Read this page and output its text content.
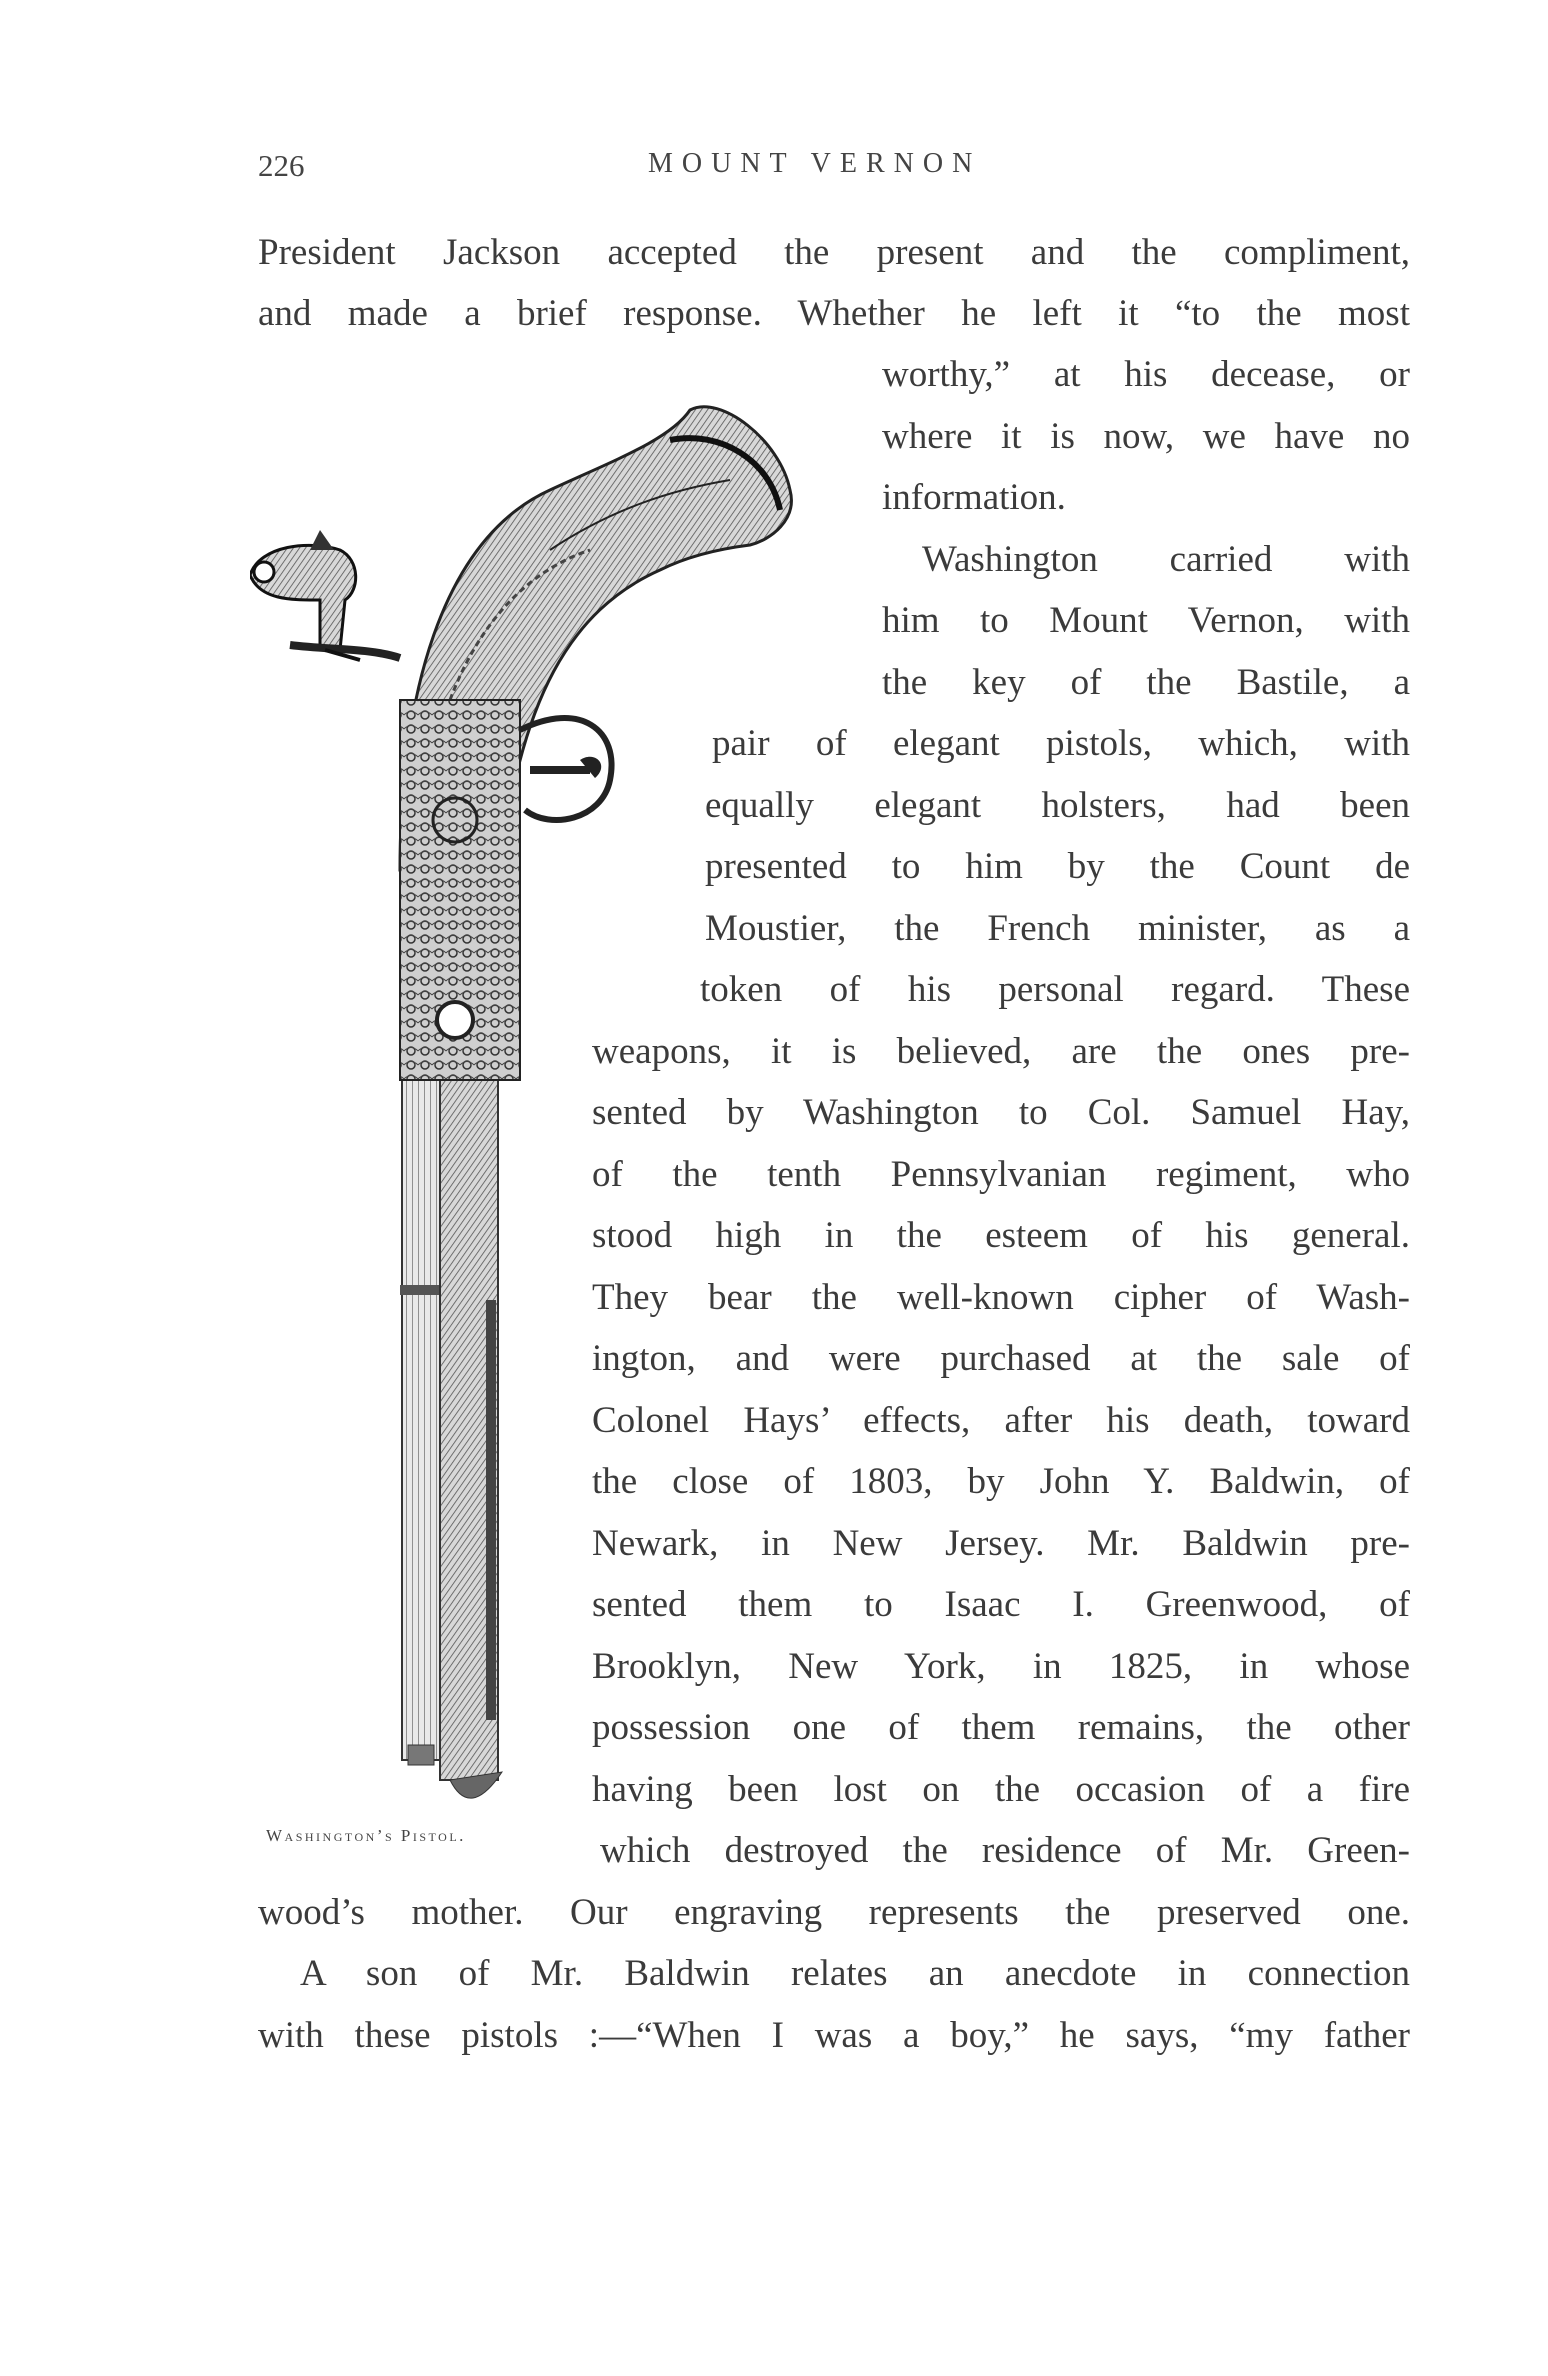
226	MOUNT VERNON
President Jackson accepted the present and the compliment,
and made a brief response. Whether he left it “to the most
worthy,” at his decease, or
where it is now, we have no
information.
Washington carried with
him to Mount Vernon, with
the key of the Bastile, a
pair of elegant pistols, which, with
equally elegant holsters, had been
presented to him by the Count de
Moustier, the French minister, as a
token of his personal regard. These
weapons, it is believed, are the ones pre-
sented by Washington to Col. Samuel Hay,
of the tenth Pennsylvanian regiment, who
stood high in the esteem of his general.
They bear the well-known cipher of Wash-
ington, and were purchased at the sale of
Colonel Hays’ effects, after his death, toward
the close of 1803, by John Y. Baldwin, of
Newark, in New Jersey. Mr. Baldwin pre-
sented them to Isaac I. Greenwood, of
Brooklyn, New York, in 1825, in whose
possession one of them remains, the other
having been lost on the occasion of a fire
which destroyed the residence of Mr. Green-
wood’s mother. Our engraving represents the preserved one.
A son of Mr. Baldwin relates an anecdote in connection
with these pistols :—“When I was a boy,” he says, “my father
Washington’s Pistol.
